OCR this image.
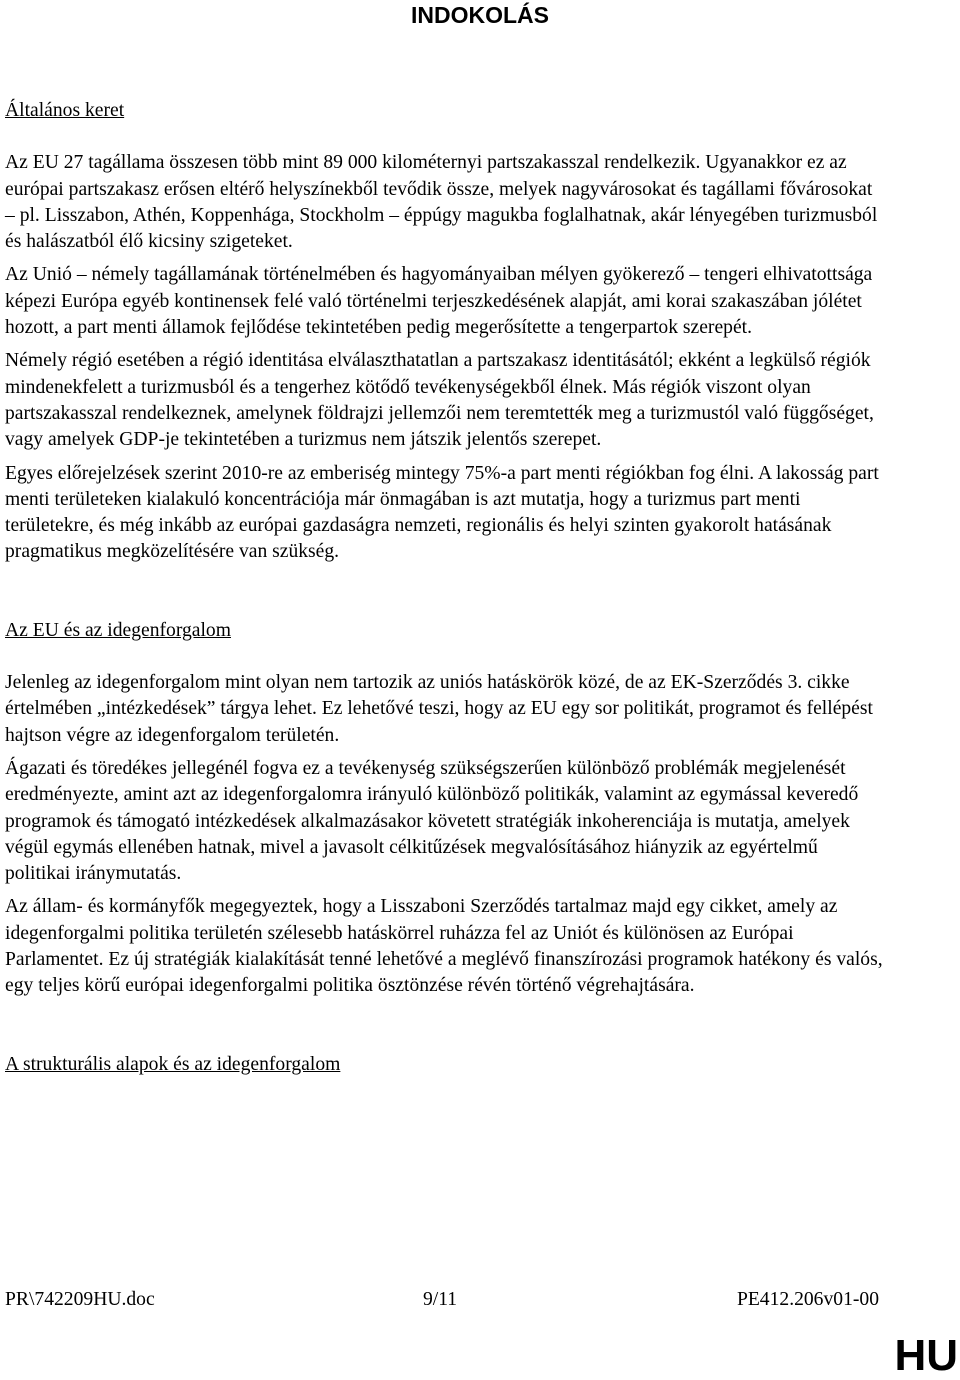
INDOKOLÁS

Általános keret

Az EU 27 tagállama összesen több mint 89 000 kilométernyi partszakasszal rendelkezik. Ugyanakkor ez az európai partszakasz erősen eltérő helyszínekből tevődik össze, melyek nagyvárosokat és tagállami fővárosokat – pl. Lisszabon, Athén, Koppenhága, Stockholm – éppúgy magukba foglalhatnak, akár lényegében turizmusból és halászatból élő kicsiny szigeteket.

Az Unió – némely tagállamának történelmében és hagyományaiban mélyen gyökerező – tengeri elhivatottsága képezi Európa egyéb kontinensek felé való történelmi terjeszkedésének alapját, ami korai szakaszában jólétet hozott, a part menti államok fejlődése tekintetében pedig megerősítette a tengerpartok szerepét.

Némely régió esetében a régió identitása elválaszthatatlan a partszakasz identitásától; ekként a legkülső régiók mindenekfelett a turizmusból és a tengerhez kötődő tevékenységekből élnek. Más régiók viszont olyan partszakasszal rendelkeznek, amelynek földrajzi jellemzői nem teremtették meg a turizmustól való függőséget, vagy amelyek GDP-je tekintetében a turizmus nem játszik jelentős szerepet.

Egyes előrejelzések szerint 2010-re az emberiség mintegy 75%-a part menti régiókban fog élni. A lakosság part menti területeken kialakuló koncentrációja már önmagában is azt mutatja, hogy a turizmus part menti területekre, és még inkább az európai gazdaságra nemzeti, regionális és helyi szinten gyakorolt hatásának pragmatikus megközelítésére van szükség.

Az EU és az idegenforgalom

Jelenleg az idegenforgalom mint olyan nem tartozik az uniós hatáskörök közé, de az EK-Szerződés 3. cikke értelmében „intézkedések” tárgya lehet. Ez lehetővé teszi, hogy az EU egy sor politikát, programot és fellépést hajtson végre az idegenforgalom területén.

Ágazati és töredékes jellegénél fogva ez a tevékenység szükségszerűen különböző problémák megjelenését eredményezte, amint azt az idegenforgalomra irányuló különböző politikák, valamint az egymással keveredő programok és támogató intézkedések alkalmazásakor követett stratégiák inkoherenciája is mutatja, amelyek végül egymás ellenében hatnak, mivel a javasolt célkitűzések megvalósításához hiányzik az egyértelmű politikai iránymutatás.

Az állam- és kormányfők megegyeztek, hogy a Lisszaboni Szerződés tartalmaz majd egy cikket, amely az idegenforgalmi politika területén szélesebb hatáskörrel ruházza fel az Uniót és különösen az Európai Parlamentet. Ez új stratégiák kialakítását tenné lehetővé a meglévő finanszírozási programok hatékony és valós, egy teljes körű európai idegenforgalmi politika ösztönzése révén történő végrehajtására.

A strukturális alapok és az idegenforgalom

PR\742209HU.doc	9/11	PE412.206v01-00
HU
